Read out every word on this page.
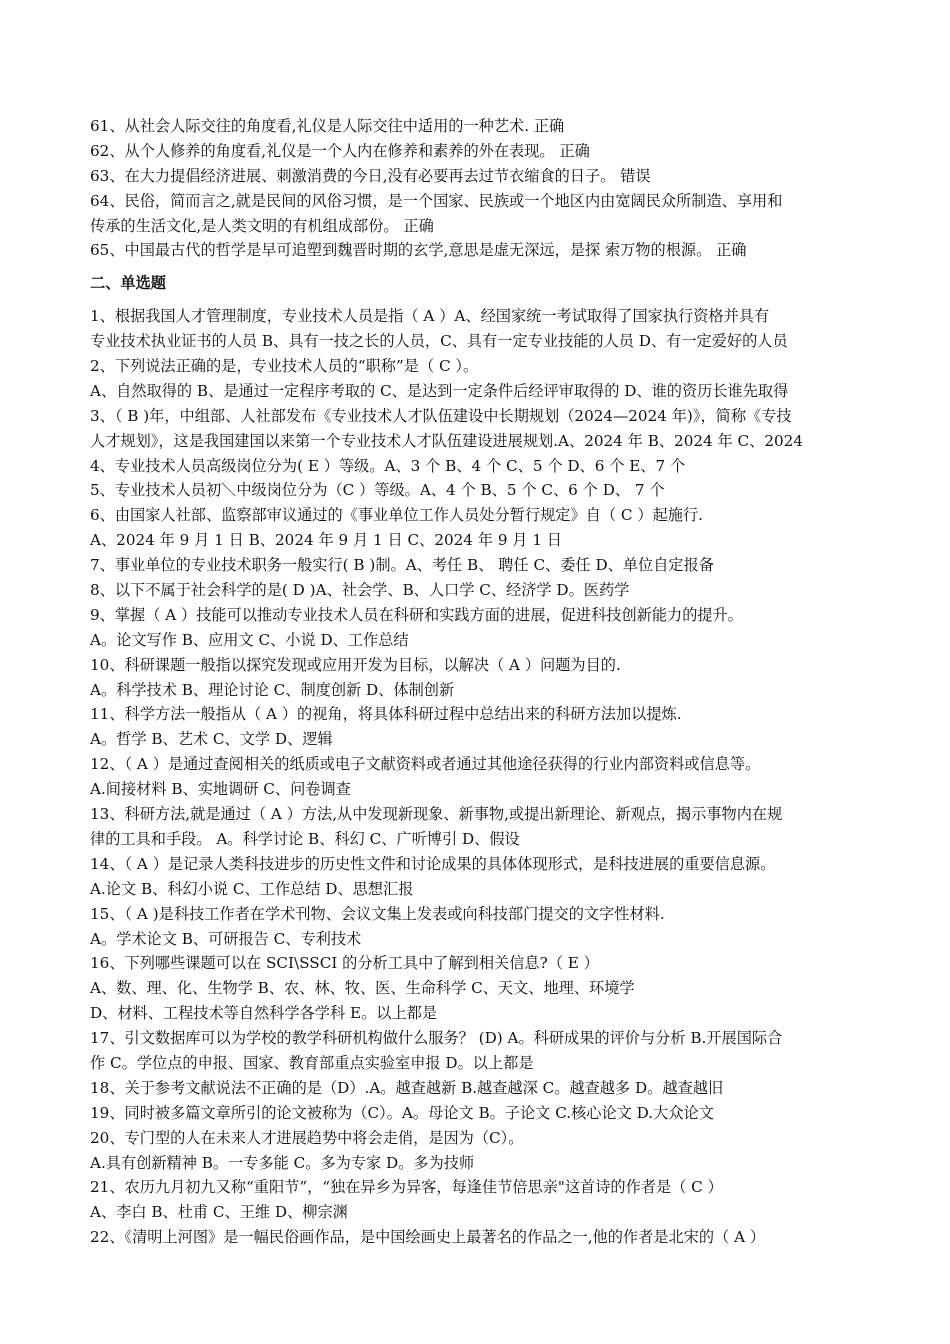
61、从社会人际交往的角度看,礼仪是人际交往中适用的一种艺术. 正确
62、从个人修养的角度看,礼仪是一个人内在修养和素养的外在表现。 正确
63、在大力提倡经济进展、刺激消费的今日,没有必要再去过节衣缩食的日子。 错误
64、民俗，简而言之,就是民间的风俗习惯，是一个国家、民族或一个地区内由宽阔民众所制造、享用和
传承的生活文化,是人类文明的有机组成部份。 正确
65、中国最古代的哲学是早可追塑到魏晋时期的玄学,意思是虚无深远，是探 索万物的根源。 正确
二、单选题
1、根据我国人才管理制度，专业技术人员是指（ A ）A、经国家统一考试取得了国家执行资格并具有
专业技术执业证书的人员 B、具有一技之长的人员，C、具有一定专业技能的人员 D、有一定爱好的人员
2、下列说法正确的是，专业技术人员的“职称”是（ C ）。
A、自然取得的 B、是通过一定程序考取的 C、是达到一定条件后经评审取得的 D、谁的资历长谁先取得
3、（ B )年，中组部、人社部发布《专业技术人才队伍建设中长期规划（2024—2024 年)》，简称《专技
人才规划》，这是我国建国以来第一个专业技术人才队伍建设进展规划.A、2024 年 B、2024 年 C、2024
4、专业技术人员高级岗位分为( E ）等级。A、3 个 B、4 个 C、5 个 D、6 个 E、7 个
5、专业技术人员初＼中级岗位分为（C ）等级。A、4 个 B、5 个 C、6 个 D、 7 个
6、由国家人社部、监察部审议通过的《事业单位工作人员处分暂行规定》自（ C ）起施行.
A、2024 年 9 月 1 日 B、2024 年 9 月 1 日 C、2024 年 9 月 1 日
7、事业单位的专业技术职务一般实行( B )制。A、考任 B、 聘任 C、委任 D、单位自定报备
8、以下不属于社会科学的是( D )A、社会学、B、人口学 C、经济学 D。医药学
9、掌握（ A ）技能可以推动专业技术人员在科研和实践方面的进展，促进科技创新能力的提升。
A。论文写作 B、应用文 C、小说 D、工作总结
10、科研课题一般指以探究发现或应用开发为目标，以解决（ A ）问题为目的.
A。科学技术 B、理论讨论 C、制度创新 D、体制创新
11、科学方法一般指从（ A ）的视角，将具体科研过程中总结出来的科研方法加以提炼.
A。哲学 B、艺术 C、文学 D、逻辑
12、（ A ）是通过查阅相关的纸质或电子文献资料或者通过其他途径获得的行业内部资料或信息等。
A.间接材料 B、实地调研 C、问卷调查
13、科研方法,就是通过（ A ）方法,从中发现新现象、新事物,或提出新理论、新观点，揭示事物内在规
律的工具和手段。 A。科学讨论 B、科幻 C、广听博引 D、假设
14、（ A ）是记录人类科技进步的历史性文件和讨论成果的具体体现形式，是科技进展的重要信息源。
A.论文 B、科幻小说 C、工作总结 D、思想汇报
15、（ A )是科技工作者在学术刊物、会议文集上发表或向科技部门提交的文字性材料.
A。学术论文 B、可研报告 C、专利技术
16、下列哪些课题可以在 SCI\SSCI 的分析工具中了解到相关信息?（ E ）
A、数、理、化、生物学 B、农、林、牧、医、生命科学 C、天文、地理、环境学
D、材料、工程技术等自然科学各学科 E。以上都是
17、引文数据库可以为学校的教学科研机构做什么服务？ (D) A。科研成果的评价与分析 B.开展国际合
作 C。学位点的申报、国家、教育部重点实验室申报 D。以上都是
18、关于参考文献说法不正确的是（D）.A。越查越新 B.越查越深 C。越查越多 D。越查越旧
19、同时被多篇文章所引的论文被称为（C）。A。母论文 B。子论文 C.核心论文 D.大众论文
20、专门型的人在未来人才进展趋势中将会走俏，是因为（C）。
A.具有创新精神 B。一专多能 C。多为专家 D。多为技师
21、农历九月初九又称“重阳节”，“独在异乡为异客，每逢佳节倍思亲"这首诗的作者是（ C ）
A、李白 B、杜甫 C、王维 D、柳宗渊
22、《清明上河图》是一幅民俗画作品，是中国绘画史上最著名的作品之一,他的作者是北宋的（ A ）
